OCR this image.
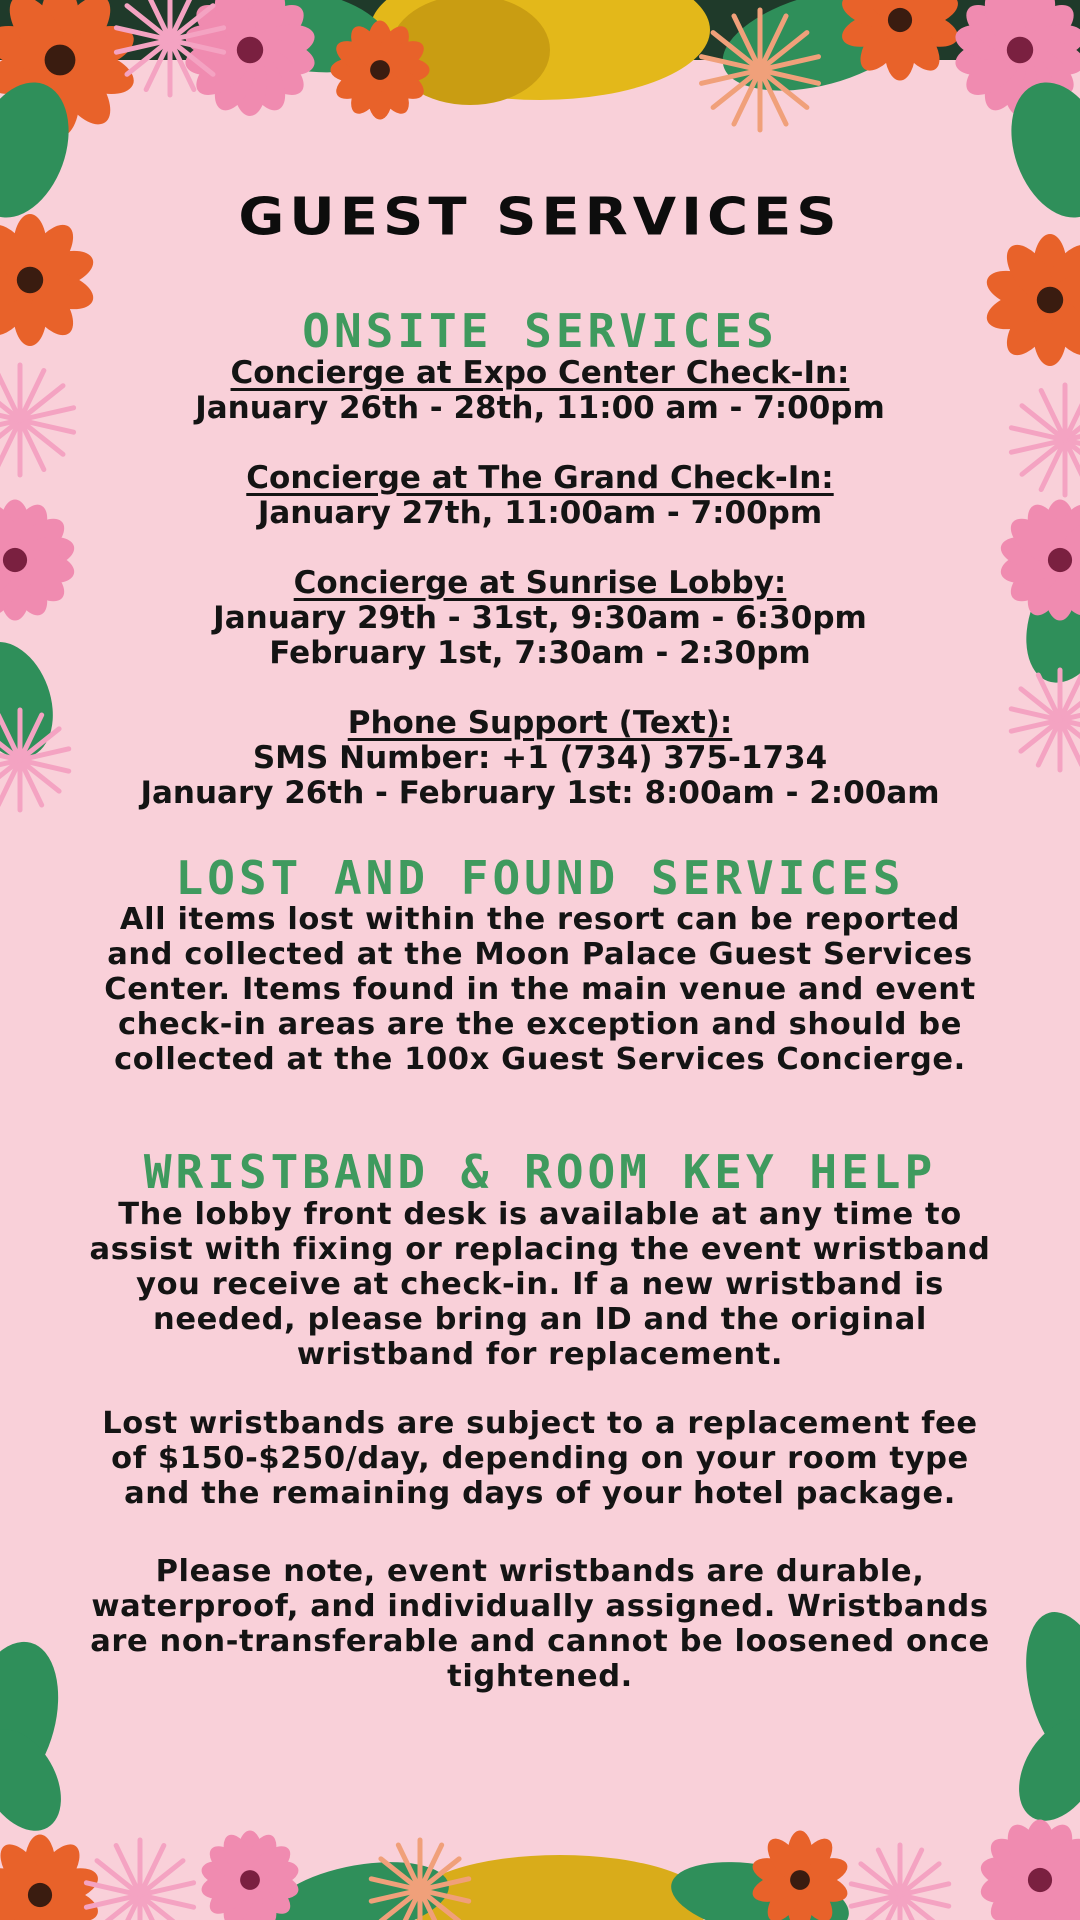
GUEST SERVICES
ONSITE SERVICES
Concierge at Expo Center Check-In:
January 26th - 28th, 11:00 am - 7:00pm
Concierge at The Grand Check-In:
January 27th, 11:00am - 7:00pm
Concierge at Sunrise Lobby:
January 29th - 31st, 9:30am - 6:30pm
February 1st, 7:30am - 2:30pm
Phone Support (Text):
SMS Number: +1 (734) 375-1734
January 26th - February 1st: 8:00am - 2:00am
LOST AND FOUND SERVICES

All items lost within the resort can be reported and collected at the Moon Palace Guest Services Center. Items found in the main venue and event check-in areas are the exception and should be collected at the 100x Guest Services Concierge.

WRISTBAND & ROOM KEY HELP

The lobby front desk is available at any time to assist with fixing or replacing the event wristband you receive at check-in. If a new wristband is needed, please bring an ID and the original wristband for replacement.

Lost wristbands are subject to a replacement fee of $150-$250/day, depending on your room type and the remaining days of your hotel package.

Please note, event wristbands are durable, waterproof, and individually assigned. Wristbands are non-transferable and cannot be loosened once tightened.
